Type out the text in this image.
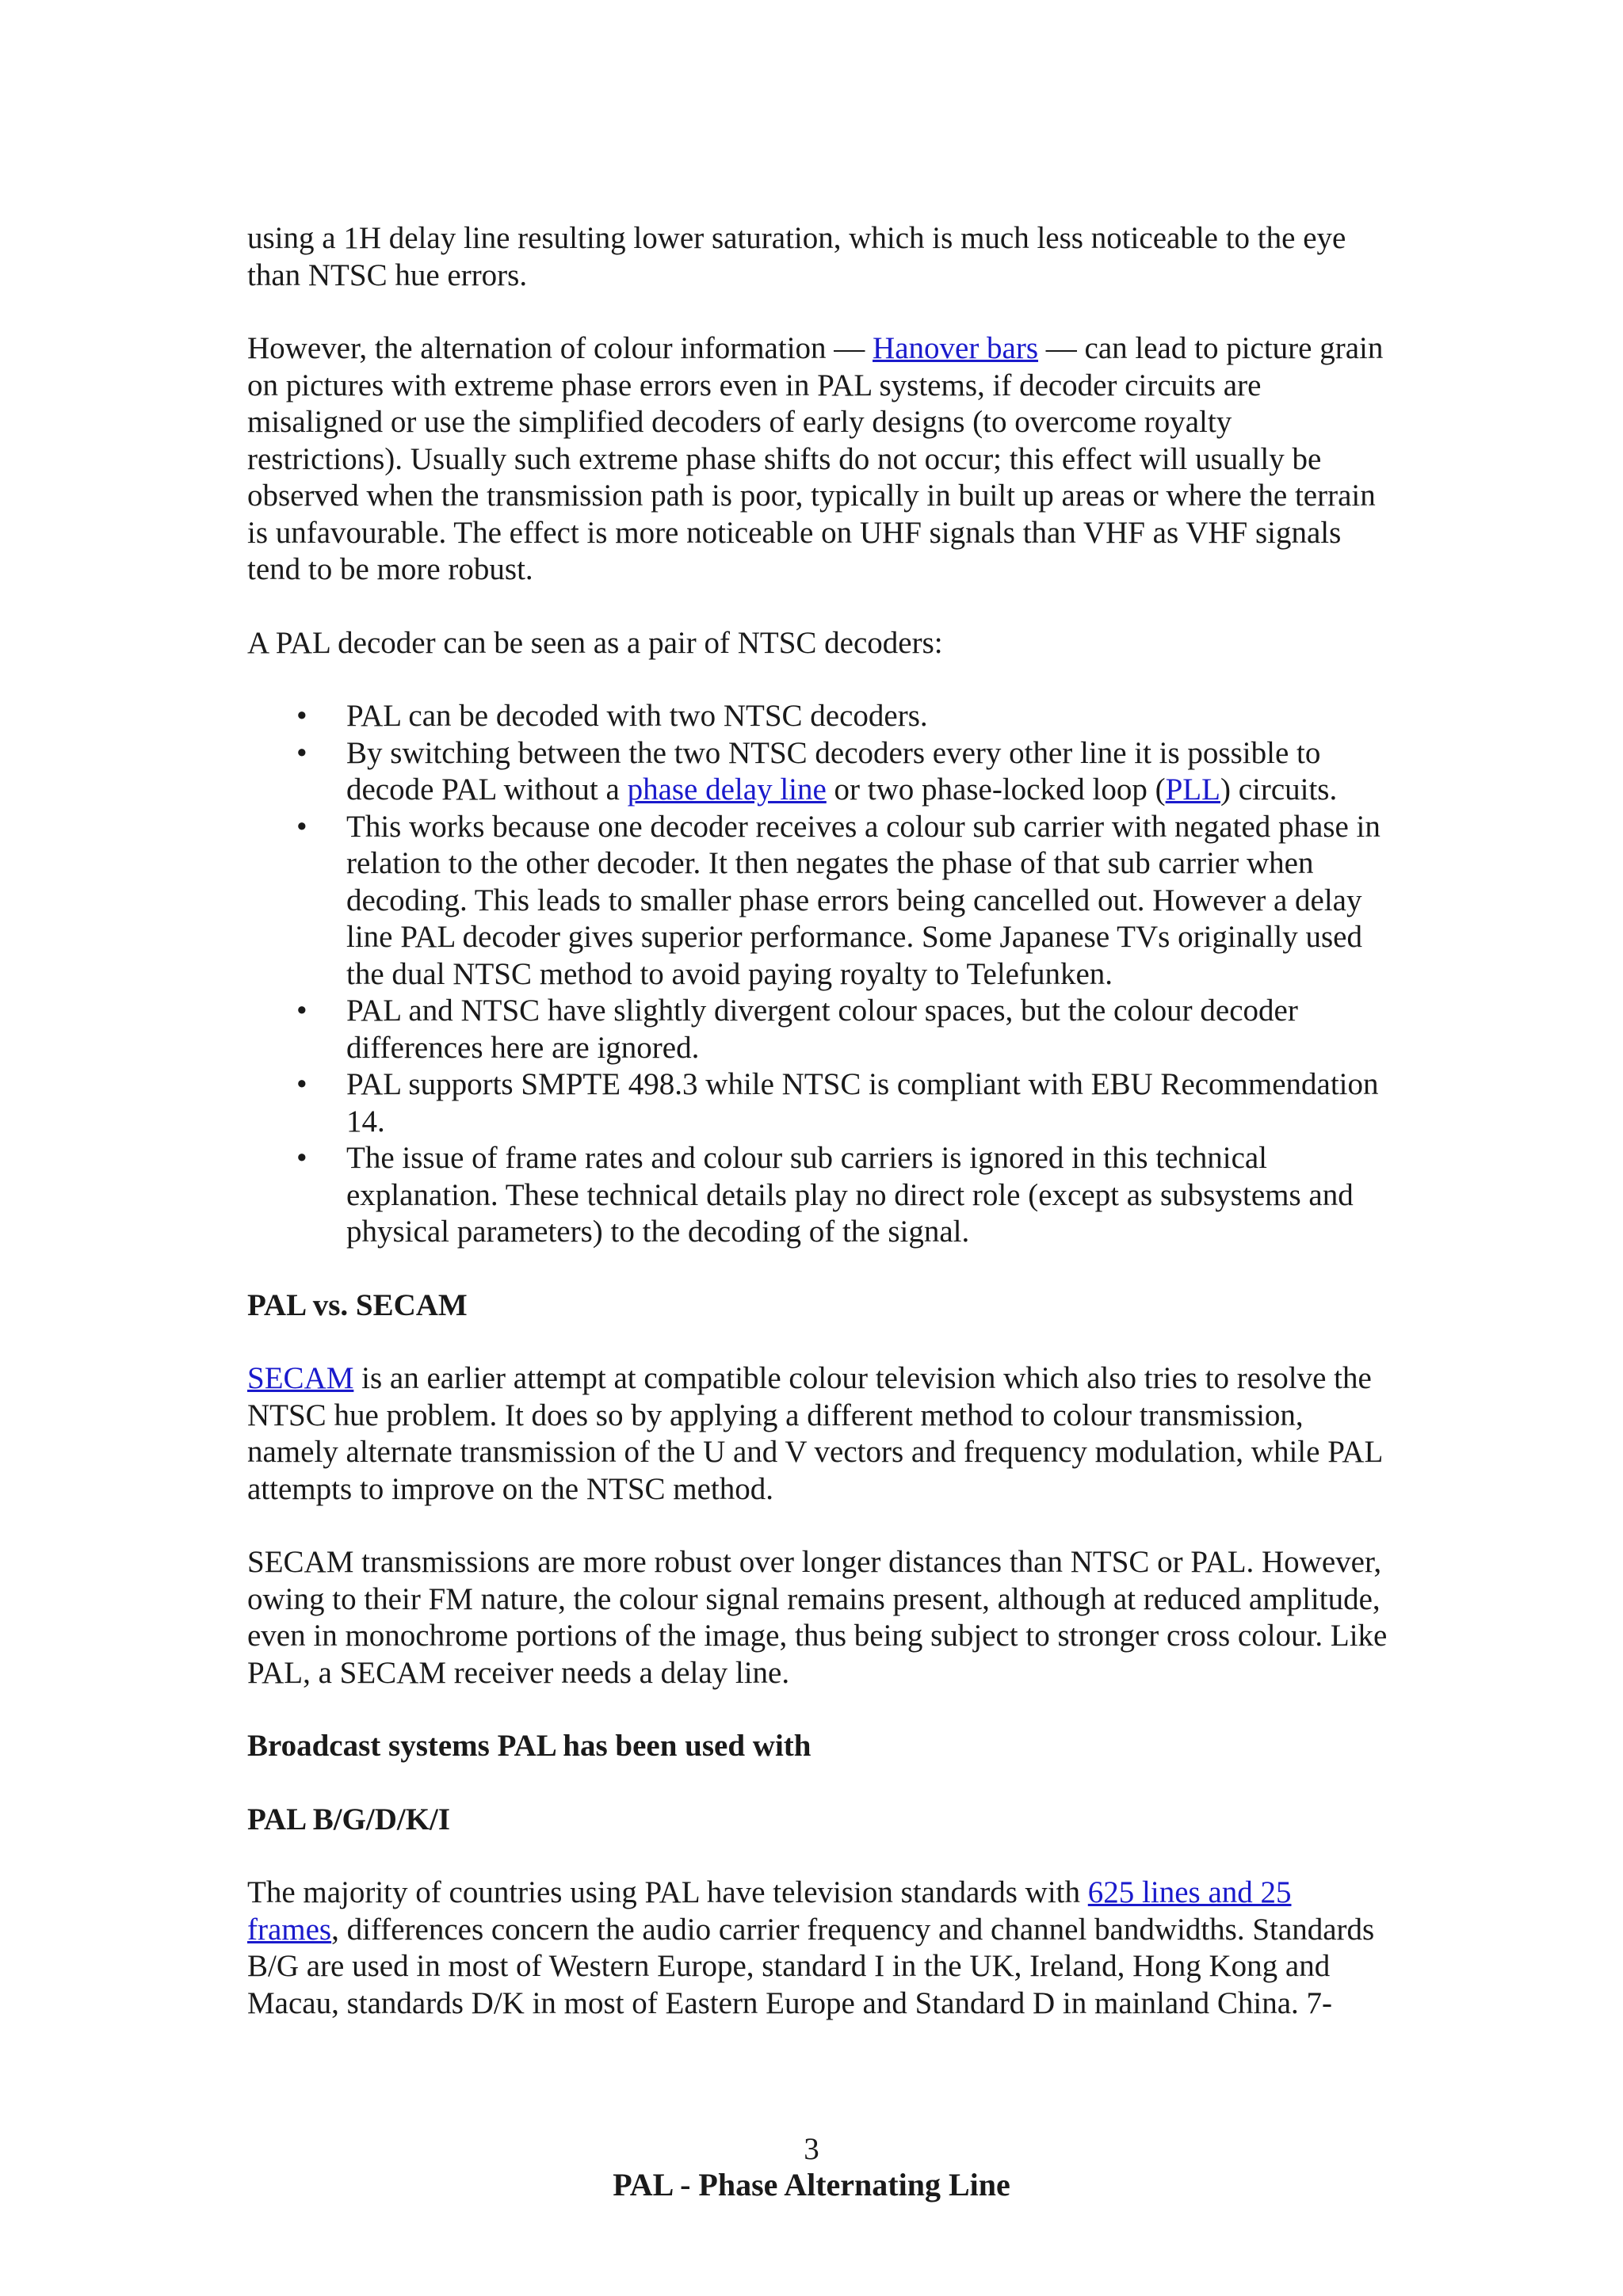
using a 1H delay line resulting lower saturation, which is much less noticeable to the eye than NTSC hue errors.

However, the alternation of colour information — Hanover bars — can lead to picture grain on pictures with extreme phase errors even in PAL systems, if decoder circuits are misaligned or use the simplified decoders of early designs (to overcome royalty restrictions). Usually such extreme phase shifts do not occur; this effect will usually be observed when the transmission path is poor, typically in built up areas or where the terrain is unfavourable. The effect is more noticeable on UHF signals than VHF as VHF signals tend to be more robust.

A PAL decoder can be seen as a pair of NTSC decoders:

• PAL can be decoded with two NTSC decoders.
• By switching between the two NTSC decoders every other line it is possible to decode PAL without a phase delay line or two phase-locked loop (PLL) circuits.
• This works because one decoder receives a colour sub carrier with negated phase in relation to the other decoder. It then negates the phase of that sub carrier when decoding. This leads to smaller phase errors being cancelled out. However a delay line PAL decoder gives superior performance. Some Japanese TVs originally used the dual NTSC method to avoid paying royalty to Telefunken.
• PAL and NTSC have slightly divergent colour spaces, but the colour decoder differences here are ignored.
• PAL supports SMPTE 498.3 while NTSC is compliant with EBU Recommendation 14.
• The issue of frame rates and colour sub carriers is ignored in this technical explanation. These technical details play no direct role (except as subsystems and physical parameters) to the decoding of the signal.
PAL vs. SECAM

SECAM is an earlier attempt at compatible colour television which also tries to resolve the NTSC hue problem. It does so by applying a different method to colour transmission, namely alternate transmission of the U and V vectors and frequency modulation, while PAL attempts to improve on the NTSC method.

SECAM transmissions are more robust over longer distances than NTSC or PAL. However, owing to their FM nature, the colour signal remains present, although at reduced amplitude, even in monochrome portions of the image, thus being subject to stronger cross colour. Like PAL, a SECAM receiver needs a delay line.

Broadcast systems PAL has been used with
PAL B/G/D/K/I

The majority of countries using PAL have television standards with 625 lines and 25 frames, differences concern the audio carrier frequency and channel bandwidths. Standards B/G are used in most of Western Europe, standard I in the UK, Ireland, Hong Kong and Macau, standards D/K in most of Eastern Europe and Standard D in mainland China. 7-

3
PAL - Phase Alternating Line
